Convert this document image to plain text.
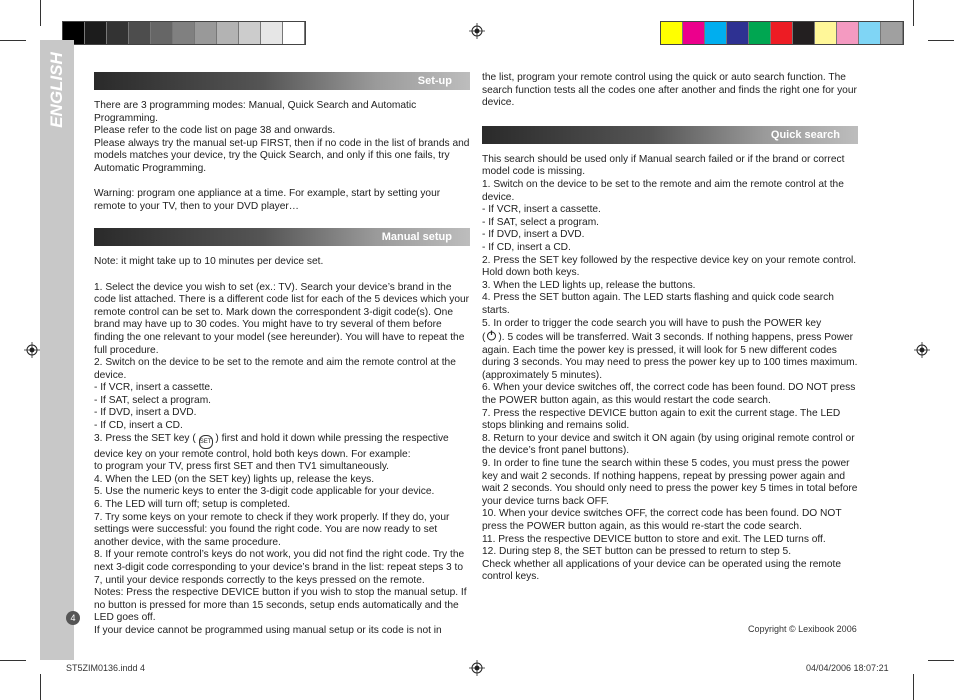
ENGLISH
4
Set-up

There are 3 programming modes: Manual, Quick Search and Automatic Programming.

Please refer to the code list on page 38 and onwards.

Please always try the manual set-up FIRST, then if no code in the list of brands and models matches your device, try the Quick Search, and only if this one fails, try Automatic Programming.

Warning: program one appliance at a time. For example, start by setting your remote to your TV, then to your DVD player…

Manual setup

Note: it might take up to 10 minutes per device set.

1. Select the device you wish to set (ex.: TV). Search your device’s brand in the code list attached. There is a different code list for each of the 5 devices which your remote control can be set to. Mark down the correspondent 3-digit code(s). One brand may have up to 30 codes. You might have to try several of them before finding the one relevant to your model (see hereunder). You will have to repeat the full procedure.

2. Switch on the device to be set to the remote and aim the remote control at the device.

- If VCR, insert a cassette.

- If SAT, select a program.

- If DVD, insert a DVD.

- If CD, insert a CD.

3. Press the SET key ( SET ) first and hold it down while pressing the respective device key on your remote control, hold both keys down. For example:

to program your TV, press first SET and then TV1 simultaneously.

4. When the LED (on the SET key) lights up, release the keys.

5. Use the numeric keys to enter the 3-digit code applicable for your device.

6. The LED will turn off; setup is completed.

7. Try some keys on your remote to check if they work properly. If they do, your settings were successful: you found the right code. You are now ready to set another device, with the same procedure.

8. If your remote control’s keys do not work, you did not find the right code. Try the next 3-digit code corresponding to your device’s brand in the list: repeat steps 3 to 7, until your device responds correctly to the keys pressed on the remote.

Notes: Press the respective DEVICE button if you wish to stop the manual setup. If no button is pressed for more than 15 seconds, setup ends automatically and the LED goes off.

If your device cannot be programmed using manual setup or its code is not in

the list, program your remote control using the quick or auto search function. The search function tests all the codes one after another and finds the right one for your device.

Quick search

This search should be used only if Manual search failed or if the brand or correct model code is missing.

1. Switch on the device to be set to the remote and aim the remote control at the device.

- If VCR, insert a cassette.

- If SAT, select a program.

- If DVD, insert a DVD.

- If CD, insert a CD.

2. Press the SET key followed by the respective device key on your remote control. Hold down both keys.

3. When the LED lights up, release the buttons.

4. Press the SET button again. The LED starts flashing and quick code search starts.

5. In order to trigger the code search you will have to push the POWER key

( ). 5 codes will be transferred. Wait 3 seconds. If nothing happens, press Power again. Each time the power key is pressed, it will look for 5 new different codes during 3 seconds. You may need to press the power key up to 100 times maximum. (approximately 5 minutes).

6. When your device switches off, the correct code has been found. DO NOT press the POWER button again, as this would restart the code search.

7. Press the respective DEVICE button again to exit the current stage. The LED stops blinking and remains solid.

8. Return to your device and switch it ON again (by using original remote control or the device’s front panel buttons).

9. In order to fine tune the search within these 5 codes, you must press the power key and wait 2 seconds. If nothing happens, repeat by pressing power again and wait 2 seconds. You should only need to press the power key 5 times in total before your device turns back OFF.

10. When your device switches OFF, the correct code has been found. DO NOT press the POWER button again, as this would re-start the code search.

11. Press the respective DEVICE button to store and exit. The LED turns off.

12. During step 8, the SET button can be pressed to return to step 5.

Check whether all applications of your device can be operated using the remote control keys.

Copyright © Lexibook 2006
ST5ZIM0136.indd 4	04/04/2006 18:07:21
